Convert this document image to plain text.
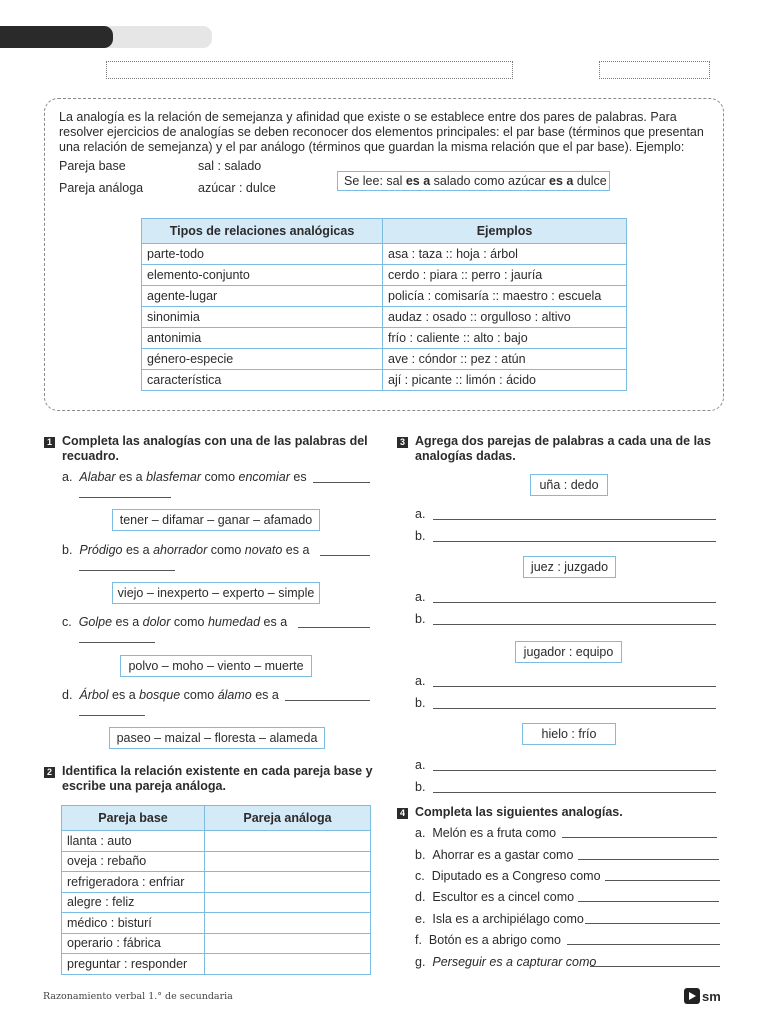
La analogía es la relación de semejanza y afinidad que existe o se establece entre dos pares de palabras. Para resolver ejercicios de analogías se deben reconocer dos elementos principales: el par base (términos que presentan una relación de semejanza) y el par análogo (términos que guardan la misma relación que el par base). Ejemplo:
Pareja base	sal : salado
Pareja análoga	azúcar : dulce	Se lee: sal es a salado como azúcar es a dulce
Tipos de relaciones analógicas	Ejemplos
parte-todo	asa : taza :: hoja : árbol
elemento-conjunto	cerdo : piara :: perro : jauría
agente-lugar	policía : comisaría :: maestro : escuela
sinonimia	audaz : osado :: orgulloso : altivo
antonimia	frío : caliente :: alto : bajo
género-especie	ave : cóndor :: pez : atún
característica	ají : picante :: limón : ácido
1 Completa las analogías con una de las palabras del recuadro.
a. Alabar es a blasfemar como encomiar es
tener – difamar – ganar – afamado
b. Pródigo es a ahorrador como novato es a
viejo – inexperto – experto – simple
c. Golpe es a dolor como humedad es a
polvo – moho – viento – muerte
d. Árbol es a bosque como álamo es a
paseo – maizal – floresta – alameda
2 Identifica la relación existente en cada pareja base y escribe una pareja análoga.
Pareja base	Pareja análoga
llanta : auto	
oveja : rebaño	
refrigeradora : enfriar	
alegre : feliz	
médico : bisturí	
operario : fábrica	
preguntar : responder	
3 Agrega dos parejas de palabras a cada una de las analogías dadas.
uña : dedo
a.
b.
juez : juzgado
a.
b.
jugador : equipo
a.
b.
hielo : frío
a.
b.
4 Completa las siguientes analogías.
a. Melón es a fruta como
b. Ahorrar es a gastar como
c. Diputado es a Congreso como
d. Escultor es a cincel como
e. Isla es a archipiélago como
f. Botón es a abrigo como
g. Perseguir es a capturar como
Razonamiento verbal 1.° de secundaria	sm
